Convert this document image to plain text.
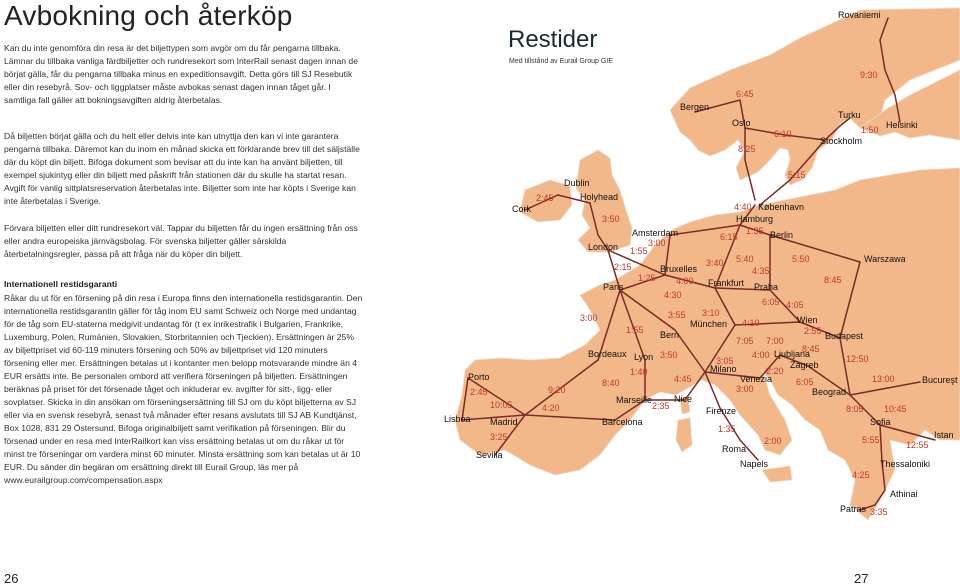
Avbokning och återköp

Kan du inte genomföra din resa är det biljettypen som avgör om du får pengarna tillbaka. Lämnar du tillbaka vanliga färdbiljetter och rundresekort som InterRail senast dagen innan de börjat gälla, får du pengarna tillbaka minus en expeditionsavgift. Detta görs till SJ Resebutik eller din resebyrå. Sov- och liggplatser måste avbokas senast dagen innan tåget går. I samtliga fall gäller att bokningsavgiften aldrig återbetalas.

Då biljetten börjat gälla och du helt eller delvis inte kan utnyttja den kan vi inte garantera pengarna tillbaka. Däremot kan du inom en månad skicka ett förklarande brev till det säljställe där du köpt din biljett. Bifoga dokument som bevisar att du inte kan ha använt biljetten, till exempel sjukintyg eller din biljett med påskrift från stationen där du skulle ha startat resan. Avgift för vanlig sittplatsreservation återbetalas inte. Biljetter som inte har köpts i Sverige kan inte återbetalas i Sverige.

Förvara biljetten eller ditt rundresekort väl. Tappar du biljetten får du ingen ersättning från oss eller andra europeiska järnvägsbolag. För svenska biljetter gäller särskilda återbetalningsregler, passa på att fråga när du köper din biljett.

Internationell restidsgaranti

Råkar du ut för en försening på din resa i Europa finns den internationella restidsgarantin. Den internationella restidsgarantin gäller för tåg inom EU samt Schweiz och Norge med undantag för de tåg som EU-staterna medgivit undantag för (t ex inrikestrafik i Bulgarien, Frankrike, Luxemburg, Polen, Rumänien, Slovakien, Storbritannien och Tjeckien). Ersättningen är 25% av biljettpriset vid 60-119 minuters försening och 50% av biljettpriset vid 120 minuters försening eller mer. Ersättningen betalas ut i kontanter men belopp motsvarande mindre än 4 EUR ersätts inte. Be personalen ombord att verifiera förseningen på biljetten. Ersättningen beräknas på priset för det försenade tåget och inkluderar ev. avgifter för sitt-, ligg- eller sovplatser. Skicka in din ansökan om förseningsersättning till SJ om du köpt biljetterna av SJ eller via en svensk resebyrå, senast två månader efter resans avslutats till SJ AB Kundtjänst, Box 1028, 831 29 Östersund. Bifoga originalbiljett samt verifikation på förseningen. Blir du försenad under en resa med InterRailkort kan viss ersättning betalas ut om du råkar ut för minst tre förseningar om vardera minst 60 minuter. Minsta ersättning som kan betalas ut är 10 EUR. Du sänder din begäran om ersättning direkt till Eurail Group, läs mer på www.eurailgroup.com/compensation.aspx

26
Rovaniemi
Bergen
Oslo
Turku
Helsinki
Stockholm
Dublin
Holyhead
Cork	København
Hamburg
Berlin
Amsterdam
London
Bruxelles
Frankfurt Praha
Warszawa
Paris
München	Wien
Budapest
Bern
Bordeaux Lyon
Milano
Ljubljana
Zagreb
Venezia
Beograd
Bucureşt
Porto
Lisboa Madrid
Marseille Nice
Barcelona
Sevilla
Firenze
Roma
Napels
Sofia
Istan
Thessaloniki
Athinai
Patras
9:30
6:45
1:50
6:10
8:25
5:15
2:45
3:50
4:40
1:35
6:15
3:00
1:55
2:15
1:25 4:00
3:40 5:40
4:35
5:50
8:45
4:30
6:05 4:05
3:55 3:10
4:10
2:55
3:00
1:55
7:05 7:00
8:45
12:50
3:50
3:05
4:00
2:20
6:05	13:00
8:40
1:40
4:45
3:00
9:20
2:45
10:05	4:20	2:35	8:05 10:45
3:25
1:35
2:00	5:55	12:55
4:25
3:35
Restider
Med tillstånd av Eurail Group GIE
27
